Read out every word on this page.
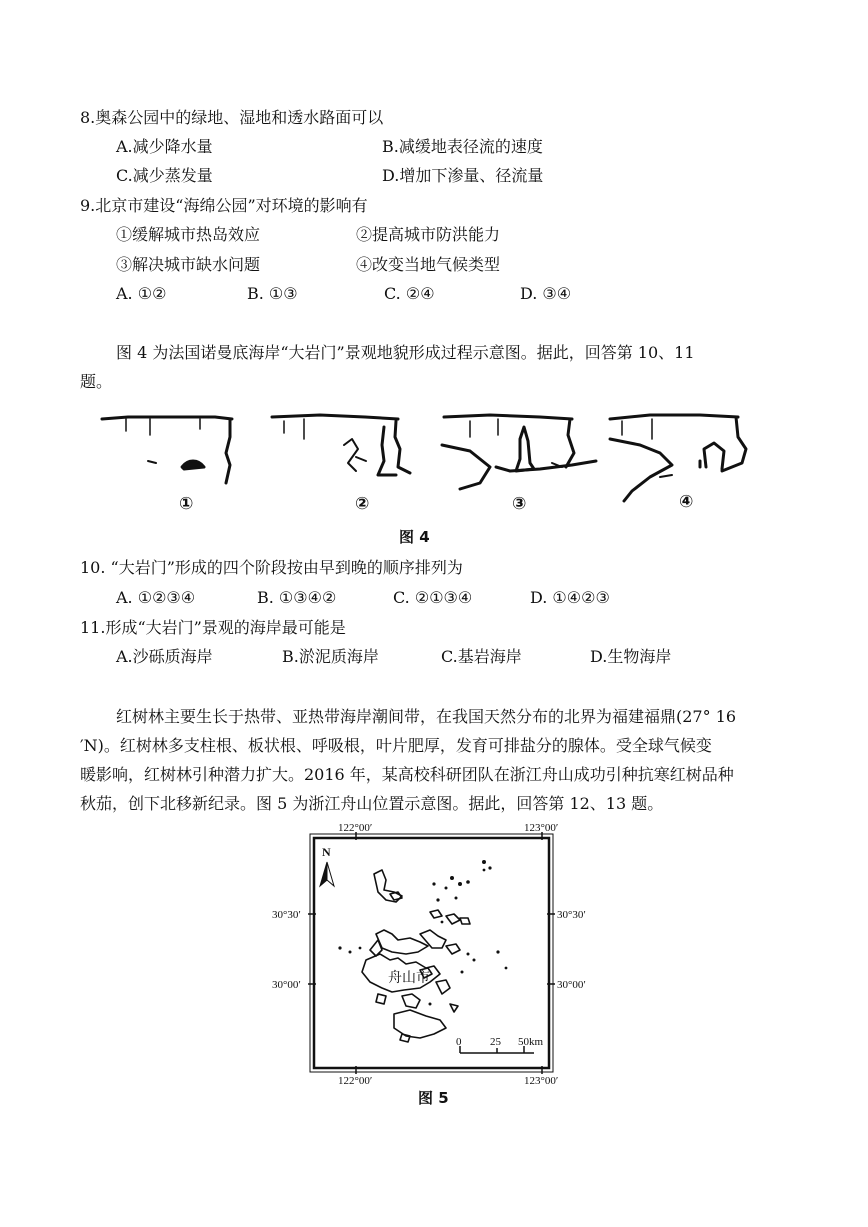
8.奥森公园中的绿地、湿地和透水路面可以
A.减少降水量	B.减缓地表径流的速度
C.减少蒸发量	D.增加下渗量、径流量
9.北京市建设“海绵公园”对环境的影响有
①缓解城市热岛效应	②提高城市防洪能力
③解决城市缺水问题	④改变当地气候类型
A. ①②	B. ①③	C. ②④	D. ③④
图 4 为法国诺曼底海岸“大岩门”景观地貌形成过程示意图。据此，回答第 10、11
题。
①	②	③	④
图 4
10. “大岩门”形成的四个阶段按由早到晚的顺序排列为
A. ①②③④	B. ①③④②	C. ②①③④	D. ①④②③
11.形成“大岩门”景观的海岸最可能是
A.沙砾质海岸	B.淤泥质海岸	C.基岩海岸	D.生物海岸
红树林主要生长于热带、亚热带海岸潮间带，在我国天然分布的北界为福建福鼎(27° 16
′N)。红树林多支柱根、板状根、呼吸根，叶片肥厚，发育可排盐分的腺体。受全球气候变
暖影响，红树林引种潜力扩大。2016 年，某高校科研团队在浙江舟山成功引种抗寒红树品种
秋茄，创下北移新纪录。图 5 为浙江舟山位置示意图。据此，回答第 12、13 题。
122°00′	123°00′
122°00′	123°00′
30°30′
30°00′
30°30′
30°00′
N
舟山市
0	25 50km
图 5
